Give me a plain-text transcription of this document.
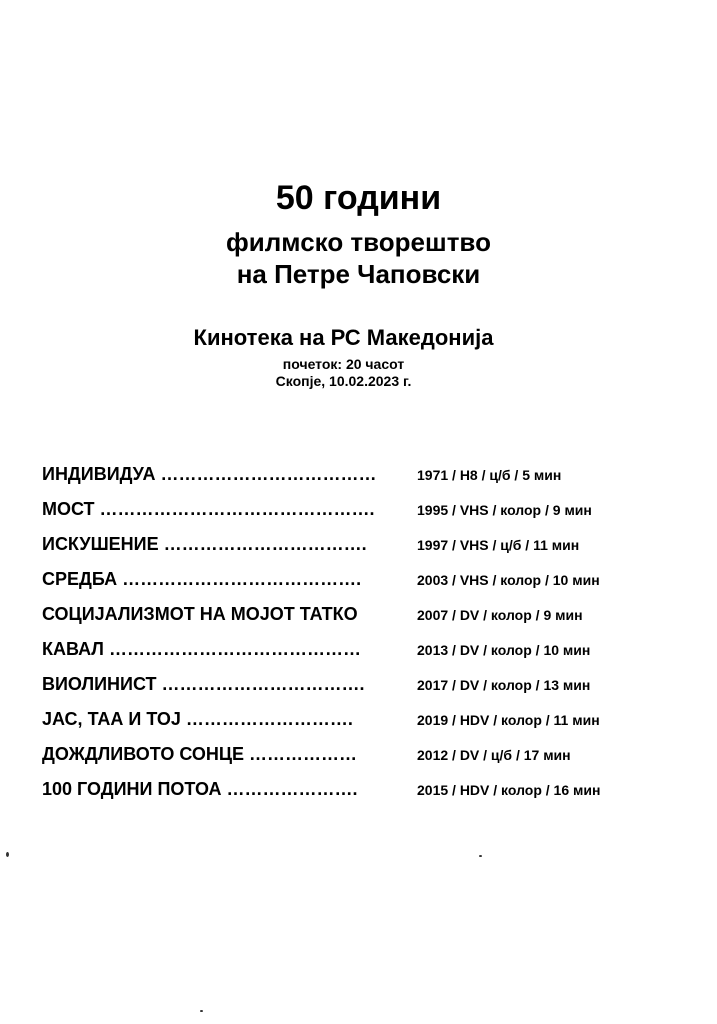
50 години
филмско творештво
на Петре Чаповски
Кинотека на РС Македонија
почеток: 20 часот
Скопје, 10.02.2023 г.
ИНДИВИДУА ………………………………	1971 / H8 / ц/б / 5 мин
МОСТ ……………………………………….	1995 / VHS / колор / 9 мин
ИСКУШЕНИЕ …………………………….	1997 / VHS / ц/б / 11 мин
СРЕДБА ………………………………….	2003 / VHS / колор / 10 мин
СОЦИЈАЛИЗМОТ НА МОЈОТ ТАТКО	2007 / DV / колор / 9 мин
КАВАЛ ……………………………………	2013 / DV / колор / 10 мин
ВИОЛИНИСТ …………………………….	2017 / DV / колор / 13 мин
ЈАС, ТАА И ТОЈ ……………………….	2019 / HDV / колор / 11 мин
ДОЖДЛИВОТО СОНЦЕ ………………	2012 / DV / ц/б / 17 мин
100 ГОДИНИ ПОТОА ………………….	2015 / HDV / колор / 16 мин
